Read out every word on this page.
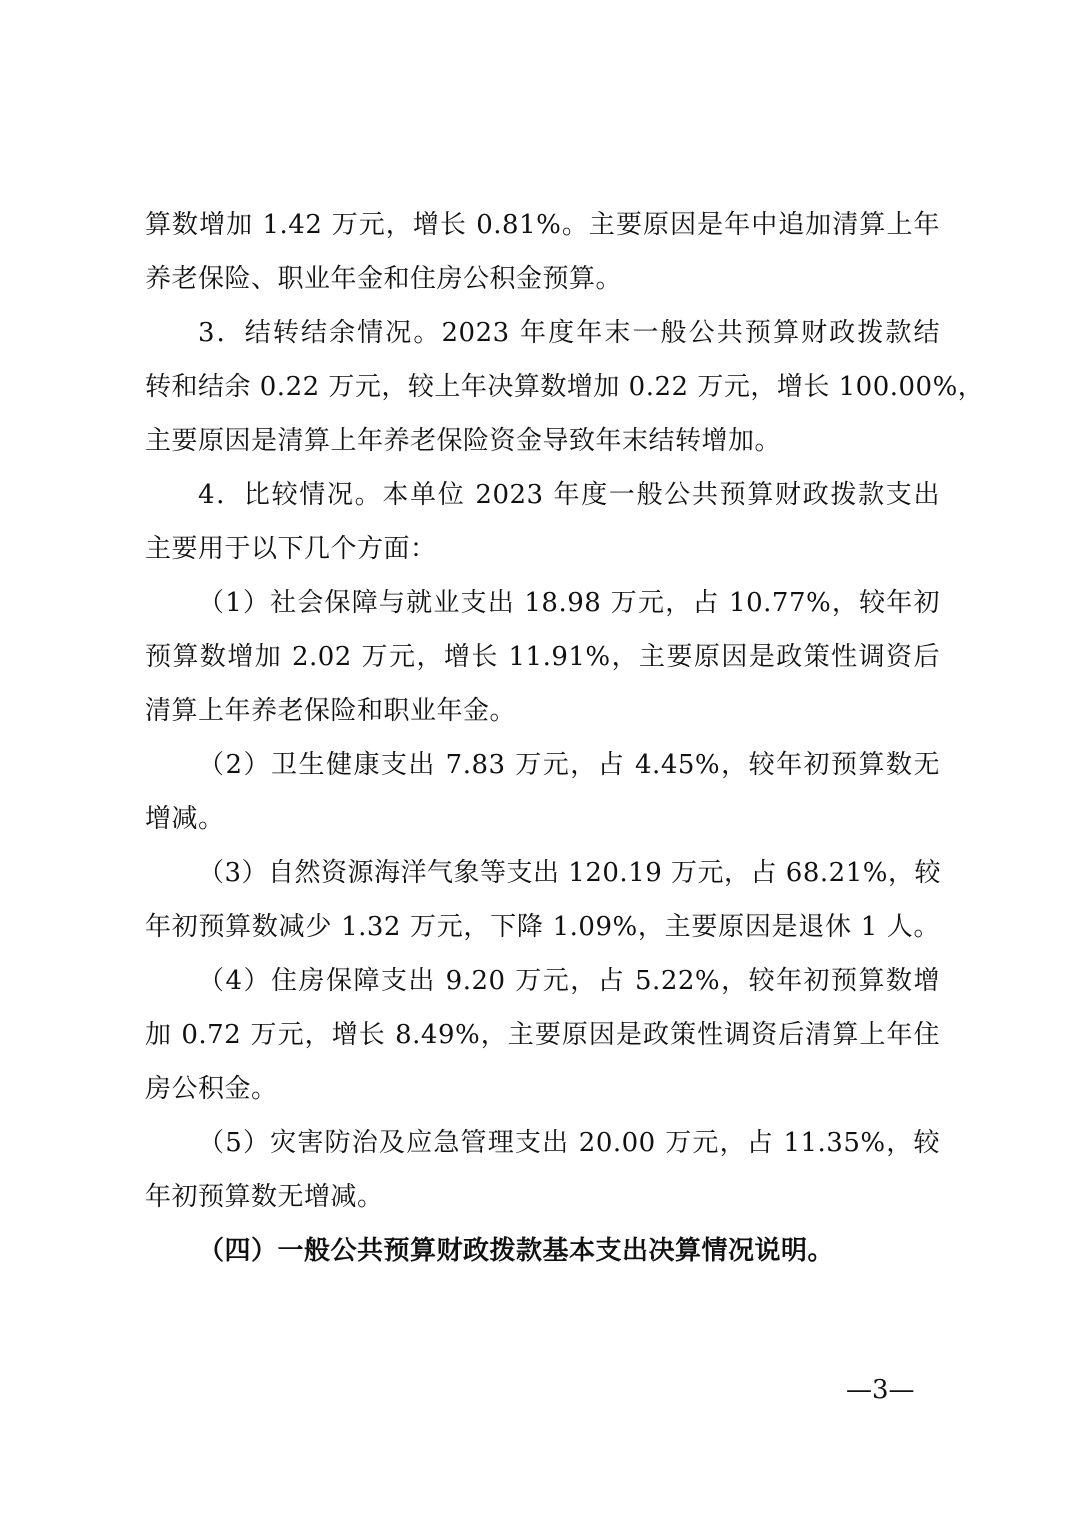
算数增加 1.42 万元，增长 0.81%。主要原因是年中追加清算上年
养老保险、职业年金和住房公积金预算。
3．结转结余情况。2023 年度年末一般公共预算财政拨款结
转和结余 0.22 万元，较上年决算数增加 0.22 万元，增长 100.00%，
主要原因是清算上年养老保险资金导致年末结转增加。
4．比较情况。本单位 2023 年度一般公共预算财政拨款支出
主要用于以下几个方面：
（1）社会保障与就业支出 18.98 万元，占 10.77%，较年初
预算数增加 2.02 万元，增长 11.91%，主要原因是政策性调资后
清算上年养老保险和职业年金。
（2）卫生健康支出 7.83 万元，占 4.45%，较年初预算数无
增减。
（3）自然资源海洋气象等支出 120.19 万元，占 68.21%，较
年初预算数减少 1.32 万元，下降 1.09%，主要原因是退休 1 人。
（4）住房保障支出 9.20 万元，占 5.22%，较年初预算数增
加 0.72 万元，增长 8.49%，主要原因是政策性调资后清算上年住
房公积金。
（5）灾害防治及应急管理支出 20.00 万元，占 11.35%，较
年初预算数无增减。
（四）一般公共预算财政拨款基本支出决算情况说明。
—3—
